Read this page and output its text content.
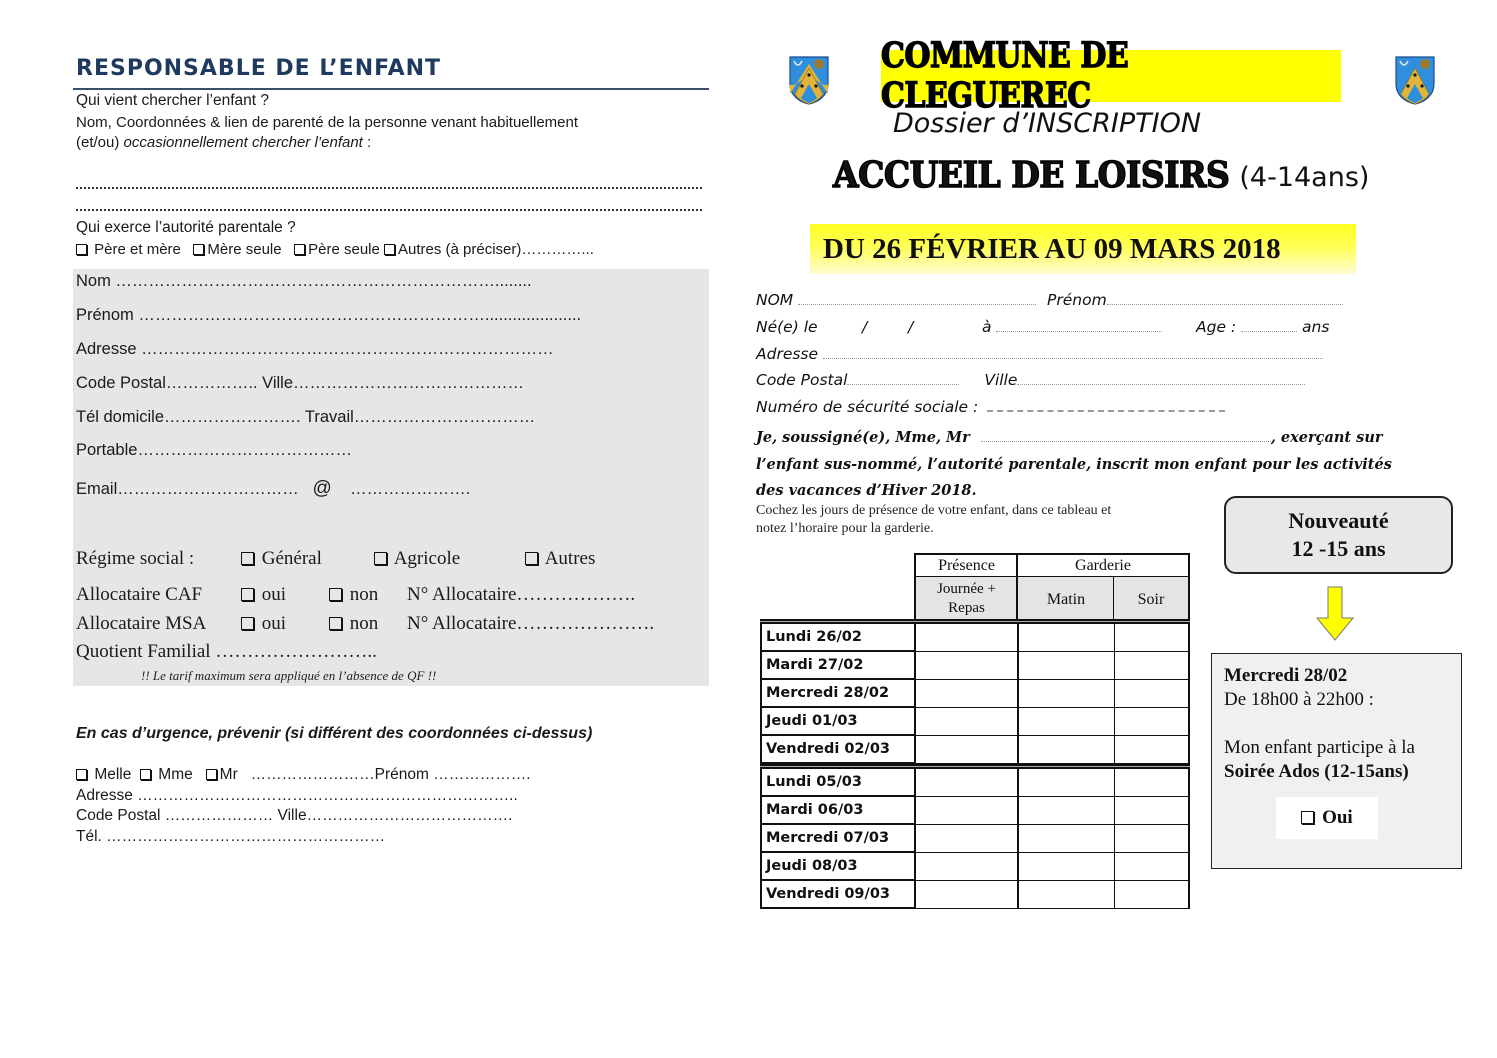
RESPONSABLE DE L’ENFANT
Qui vient chercher l’enfant ?
Nom, Coordonnées & lien de parenté de la personne venant habituellement
(et/ou) occasionnellement chercher l’enfant :
Qui exerce l’autorité parentale ?
Père et mère Mère seule Père seule Autres (à préciser)…………...
Nom ……………………………………………………………........
Prénom ……………………………………………………….....................
Adresse …………………………………………………………………
Code Postal…………….. Ville……………………………………
Tél domicile……………………. Travail……………………………
Portable…………………………………
Email…………………………… @ ………………….
Régime social :	Général	Agricole	Autres
Allocataire CAF	oui	non N° Allocataire……………….
Allocataire MSA	oui	non N° Allocataire………………….
Quotient Familial ……………………..
!! Le tarif maximum sera appliqué en l’absence de QF !!
En cas d’urgence, prévenir (si différent des coordonnées ci-dessus)
Melle Mme Mr ……………………Prénom ……………….
Adresse ………………………………………………………………..
Code Postal ………………… Ville………………………………….
Tél. ………………………………………………
COMMUNE DE CLEGUEREC
Dossier d’INSCRIPTION
ACCUEIL DE LOISIRS (4-14ans)
DU 26 FÉVRIER AU 09 MARS 2018
NOM	Prénom
Né(e) le	/	/	à	Age :	ans
Adresse
Code Postal	Ville
Numéro de sécurité sociale :
Je, soussigné(e), Mme, Mr	, exerçant sur
l’enfant sus-nommé, l’autorité parentale, inscrit mon enfant pour les activités
des vacances d’Hiver 2018.
Cochez les jours de présence de votre enfant, dans ce tableau et
notez l’horaire pour la garderie.
Présence	Garderie
Journée + Repas
Matin	Soir
Lundi 26/02
Mardi 27/02
Mercredi 28/02
Jeudi 01/03
Vendredi 02/03
Lundi 05/03
Mardi 06/03
Mercredi 07/03
Jeudi 08/03
Vendredi 09/03
Nouveauté
12 -15 ans
Mercredi 28/02
De 18h00 à 22h00 :
Mon enfant participe à la
Soirée Ados (12-15ans)
Oui
